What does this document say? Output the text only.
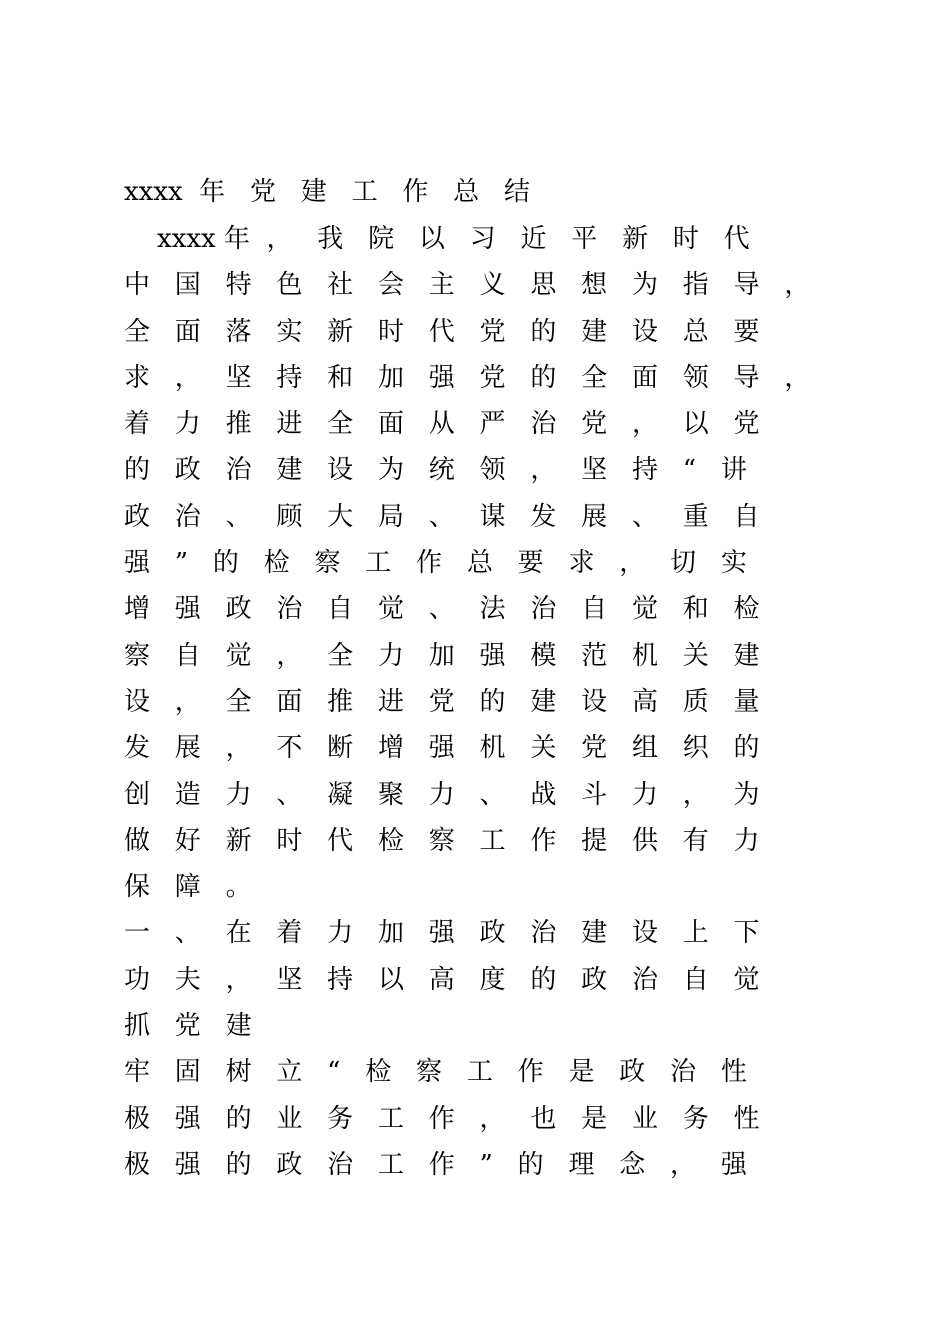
xxxx  年   党   建   工   作   总   结
xxxx 年  ，   我   院   以   习   近   平   新   时   代
中   国   特   色   社   会   主   义   思   想   为   指   导   ，
全   面   落   实   新   时   代   党   的   建   设   总   要
求   ，   坚   持   和   加   强   党   的   全   面   领   导   ，
着   力   推   进   全   面   从   严   治   党   ，   以   党
的   政   治   建   设   为   统   领   ，   坚   持   “   讲
政   治   、   顾   大   局   、   谋   发   展   、   重   自
强   ”   的   检   察   工   作   总   要   求   ，   切   实
增   强   政   治   自   觉   、   法   治   自   觉   和   检
察   自   觉   ，   全   力   加   强   模   范   机   关   建
设   ，   全   面   推   进   党   的   建   设   高   质   量
发   展   ，   不   断   增   强   机   关   党   组   织   的
创   造   力   、   凝   聚   力   、   战   斗   力   ，   为
做   好   新   时   代   检   察   工   作   提   供   有   力
保   障   。
一   、   在   着   力   加   强   政   治   建   设   上   下
功   夫   ，   坚   持   以   高   度   的   政   治   自   觉
抓   党   建
牢   固   树   立   “   检   察   工   作   是   政   治   性
极   强   的   业   务   工   作   ，   也   是   业   务   性
极   强   的   政   治   工   作   ”   的   理   念   ，   强
